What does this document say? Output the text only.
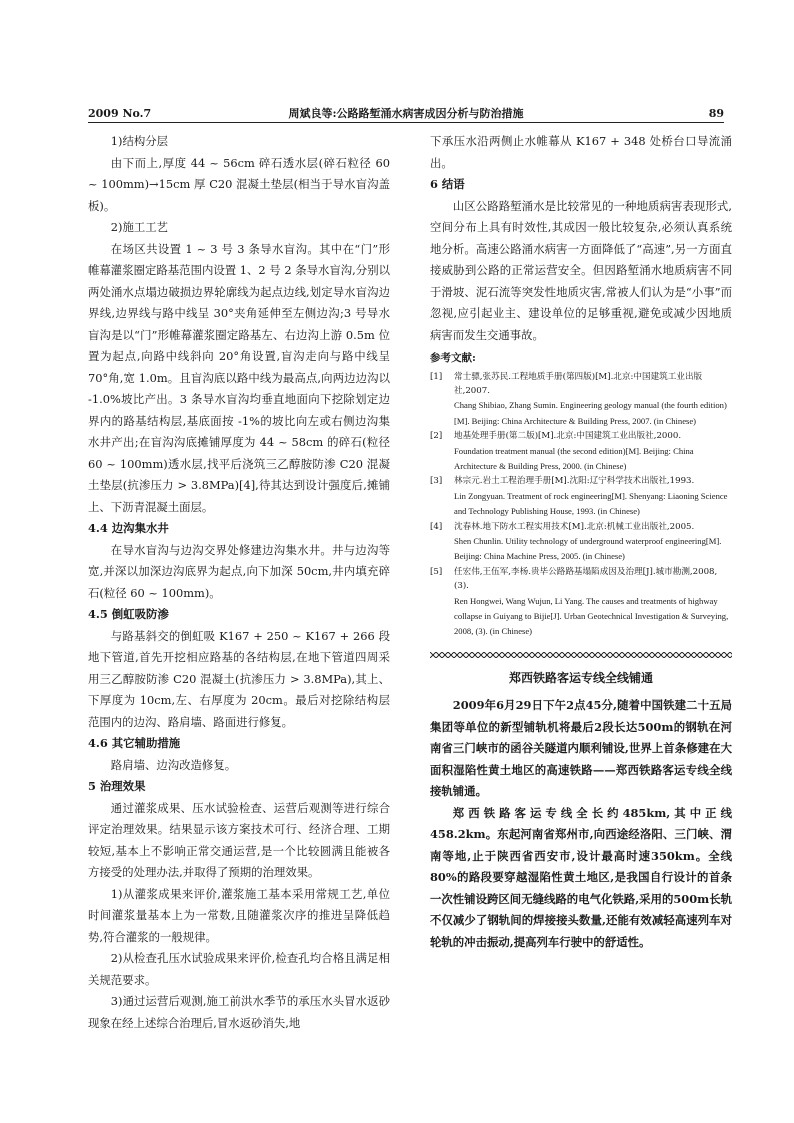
2009 No.7	周斌良等:公路路堑涌水病害成因分析与防治措施	89

1)结构分层

由下而上,厚度 44 ~ 56cm 碎石透水层(碎石粒径 60 ~ 100mm)→15cm 厚 C20 混凝土垫层(相当于导水盲沟盖板)。

2)施工工艺

在场区共设置 1 ~ 3 号 3 条导水盲沟。其中在“门”形帷幕灌浆圈定路基范围内设置 1、2 号 2 条导水盲沟,分别以两处涌水点塌边破损边界轮廓线为起点边线,划定导水盲沟边界线,边界线与路中线呈 30°夹角延伸至左侧边沟;3 号导水盲沟是以“门”形帷幕灌浆圈定路基左、右边沟上游 0.5m 位置为起点,向路中线斜向 20°角设置,盲沟走向与路中线呈 70°角,宽 1.0m。且盲沟底以路中线为最高点,向两边边沟以 -1.0%坡比产出。3 条导水盲沟均垂直地面向下挖除划定边界内的路基结构层,基底面按 -1%的坡比向左或右侧边沟集水井产出;在盲沟沟底摊铺厚度为 44 ~ 58cm 的碎石(粒径 60 ~ 100mm)透水层,找平后浇筑三乙醇胺防渗 C20 混凝土垫层(抗渗压力 > 3.8MPa)[4],待其达到设计强度后,摊铺上、下沥青混凝土面层。

4.4 边沟集水井

在导水盲沟与边沟交界处修建边沟集水井。井与边沟等宽,并深以加深边沟底界为起点,向下加深 50cm,井内填充碎石(粒径 60 ~ 100mm)。

4.5 倒虹吸防渗

与路基斜交的倒虹吸 K167 + 250 ~ K167 + 266 段地下管道,首先开挖相应路基的各结构层,在地下管道四周采用三乙醇胺防渗 C20 混凝土(抗渗压力 > 3.8MPa),其上、下厚度为 10cm,左、右厚度为 20cm。最后对挖除结构层范围内的边沟、路肩墙、路面进行修复。

4.6 其它辅助措施

路肩墙、边沟改造修复。

5 治理效果

通过灌浆成果、压水试验检查、运营后观测等进行综合评定治理效果。结果显示该方案技术可行、经济合理、工期较短,基本上不影响正常交通运营,是一个比较圆满且能被各方接受的处理办法,并取得了预期的治理效果。

1)从灌浆成果来评价,灌浆施工基本采用常规工艺,单位时间灌浆量基本上为一常数,且随灌浆次序的推进呈降低趋势,符合灌浆的一般规律。

2)从检查孔压水试验成果来评价,检查孔均合格且满足相关规范要求。

3)通过运营后观测,施工前洪水季节的承压水头冒水返砂现象在经上述综合治理后,冒水返砂消失,地

下承压水沿两侧止水帷幕从 K167 + 348 处桥台口导流涌出。

6 结语

山区公路路堑涌水是比较常见的一种地质病害表现形式,空间分布上具有时效性,其成因一般比较复杂,必须认真系统地分析。高速公路涌水病害一方面降低了“高速”,另一方面直接威胁到公路的正常运营安全。但因路堑涌水地质病害不同于滑坡、泥石流等突发性地质灾害,常被人们认为是“小事”而忽视,应引起业主、建设单位的足够重视,避免或减少因地质病害而发生交通事故。

参考文献:

[1]	常士骠,张苏民.工程地质手册(第四版)[M].北京:中国建筑工业出版社,2007.
Chang Shibiao, Zhang Sumin. Engineering geology manual (the fourth edition)[M]. Beijing: China Architecture & Building Press, 2007. (in Chinese)
[2]	地基处理手册(第二版)[M].北京:中国建筑工业出版社,2000.
Foundation treatment manual (the second edition)[M]. Beijing: China Architecture & Building Press, 2000. (in Chinese)
[3]	林宗元.岩土工程治理手册[M].沈阳:辽宁科学技术出版社,1993.
Lin Zongyuan. Treatment of rock engineering[M]. Shenyang: Liaoning Science and Technology Publishing House, 1993. (in Chinese)
[4]	沈春林.地下防水工程实用技术[M].北京:机械工业出版社,2005.
Shen Chunlin. Utility technology of underground waterproof engineering[M]. Beijing: China Machine Press, 2005. (in Chinese)
[5]	任宏伟,王伍军,李杨.贵毕公路路基塌陷成因及治理[J].城市勘测,2008,(3).
Ren Hongwei, Wang Wujun, Li Yang. The causes and treatments of highway collapse in Guiyang to Bijie[J]. Urban Geotechnical Investigation & Surveying, 2008, (3). (in Chinese)

郑西铁路客运专线全线铺通

2009年6月29日下午2点45分,随着中国铁建二十五局集团等单位的新型铺轨机将最后2段长达500m的钢轨在河南省三门峡市的函谷关隧道内顺利铺设,世界上首条修建在大面积湿陷性黄土地区的高速铁路——郑西铁路客运专线全线接轨铺通。

郑西铁路客运专线全长约485km,其中正线458.2km。东起河南省郑州市,向西途经洛阳、三门峡、渭南等地,止于陕西省西安市,设计最高时速350km。全线80%的路段要穿越湿陷性黄土地区,是我国自行设计的首条一次性铺设跨区间无缝线路的电气化铁路,采用的500m长轨不仅减少了钢轨间的焊接接头数量,还能有效减轻高速列车对轮轨的冲击振动,提高列车行驶中的舒适性。
